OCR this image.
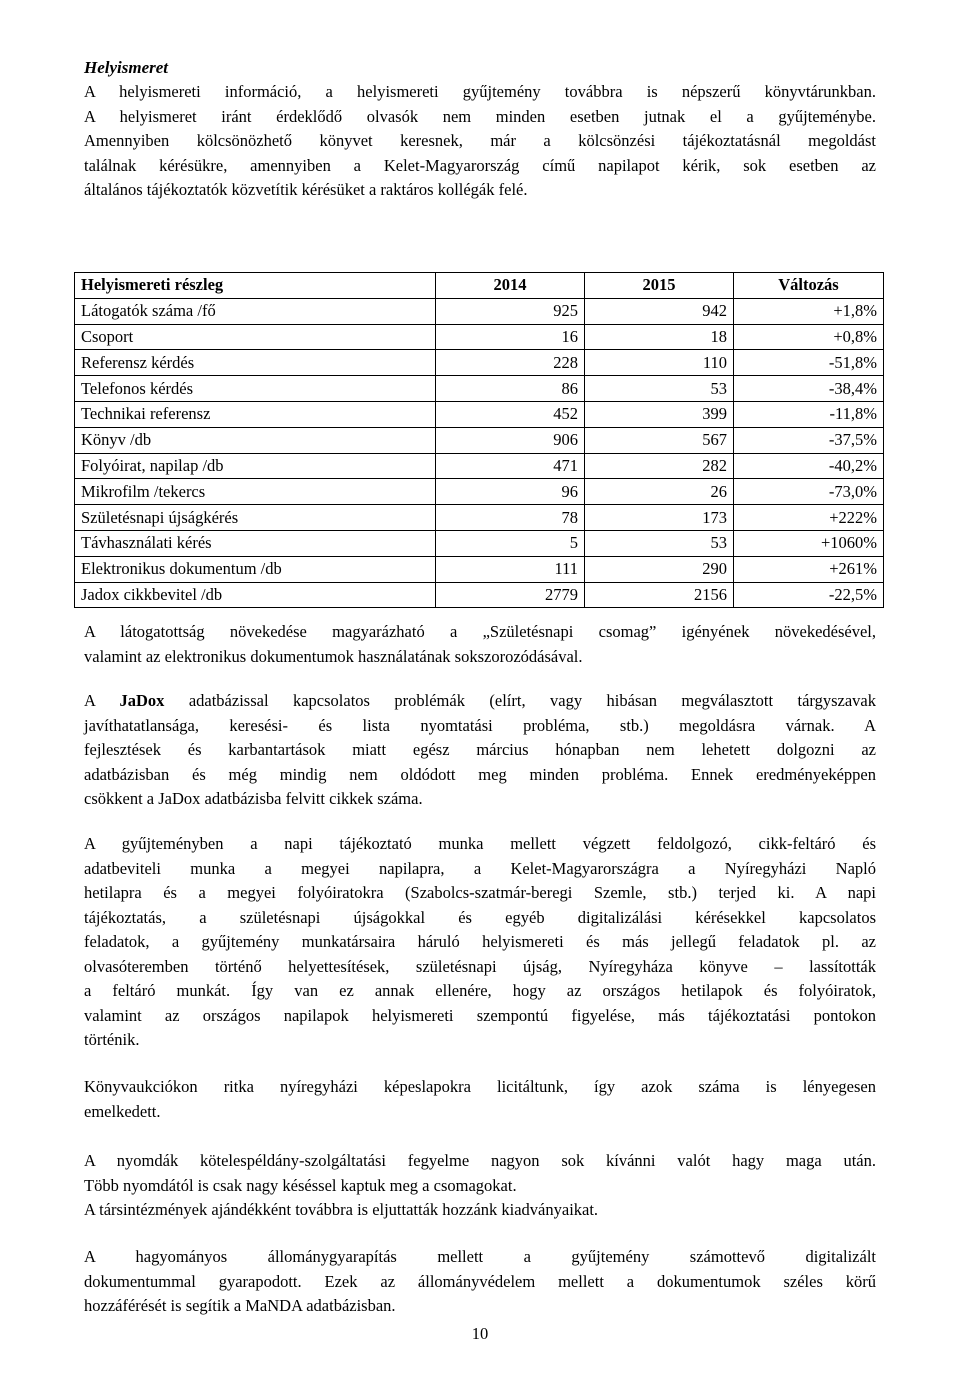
Helyismeret
A helyismereti információ, a helyismereti gyűjtemény továbbra is népszerű könyvtárunkban.
A helyismeret iránt érdeklődő olvasók nem minden esetben jutnak el a gyűjteménybe.
Amennyiben kölcsönözhető könyvet keresnek, már a kölcsönzési tájékoztatásnál megoldást
találnak kérésükre, amennyiben a Kelet-Magyarország című napilapot kérik, sok esetben az
általános tájékoztatók közvetítik kérésüket a raktáros kollégák felé.
Helyismereti részleg	2014	2015	Változás
Látogatók száma /fő	925	942	+1,8%
Csoport	16	18	+0,8%
Referensz kérdés	228	110	-51,8%
Telefonos kérdés	86	53	-38,4%
Technikai referensz	452	399	-11,8%
Könyv /db	906	567	-37,5%
Folyóirat, napilap /db	471	282	-40,2%
Mikrofilm /tekercs	96	26	-73,0%
Születésnapi újságkérés	78	173	+222%
Távhasználati kérés	5	53	+1060%
Elektronikus dokumentum /db	111	290	+261%
Jadox cikkbevitel /db	2779	2156	-22,5%
A látogatottság növekedése magyarázható a „Születésnapi csomag” igényének növekedésével,
valamint az elektronikus dokumentumok használatának sokszorozódásával.
A JaDox adatbázissal kapcsolatos problémák (elírt, vagy hibásan megválasztott tárgyszavak
javíthatatlansága, keresési- és lista nyomtatási probléma, stb.) megoldásra várnak. A
fejlesztések és karbantartások miatt egész március hónapban nem lehetett dolgozni az
adatbázisban és még mindig nem oldódott meg minden probléma. Ennek eredményeképpen
csökkent a JaDox adatbázisba felvitt cikkek száma.
A gyűjteményben a napi tájékoztató munka mellett végzett feldolgozó, cikk-feltáró és
adatbeviteli munka a megyei napilapra, a Kelet-Magyarországra a Nyíregyházi Napló
hetilapra és a megyei folyóiratokra (Szabolcs-szatmár-beregi Szemle, stb.) terjed ki. A napi
tájékoztatás, a születésnapi újságokkal és egyéb digitalizálási kérésekkel kapcsolatos
feladatok, a gyűjtemény munkatársaira háruló helyismereti és más jellegű feladatok pl. az
olvasóteremben történő helyettesítések, születésnapi újság, Nyíregyháza könyve – lassították
a feltáró munkát. Így van ez annak ellenére, hogy az országos hetilapok és folyóiratok,
valamint az országos napilapok helyismereti szempontú figyelése, más tájékoztatási pontokon
történik.
Könyvaukciókon ritka nyíregyházi képeslapokra licitáltunk, így azok száma is lényegesen
emelkedett.
A nyomdák kötelespéldány-szolgáltatási fegyelme nagyon sok kívánni valót hagy maga után.
Több nyomdától is csak nagy késéssel kaptuk meg a csomagokat.
A társintézmények ajándékként továbbra is eljuttatták hozzánk kiadványaikat.
A hagyományos állománygyarapítás mellett a gyűjtemény számottevő digitalizált
dokumentummal gyarapodott. Ezek az állományvédelem mellett a dokumentumok széles körű
hozzáférését is segítik a MaNDA adatbázisban.
10
